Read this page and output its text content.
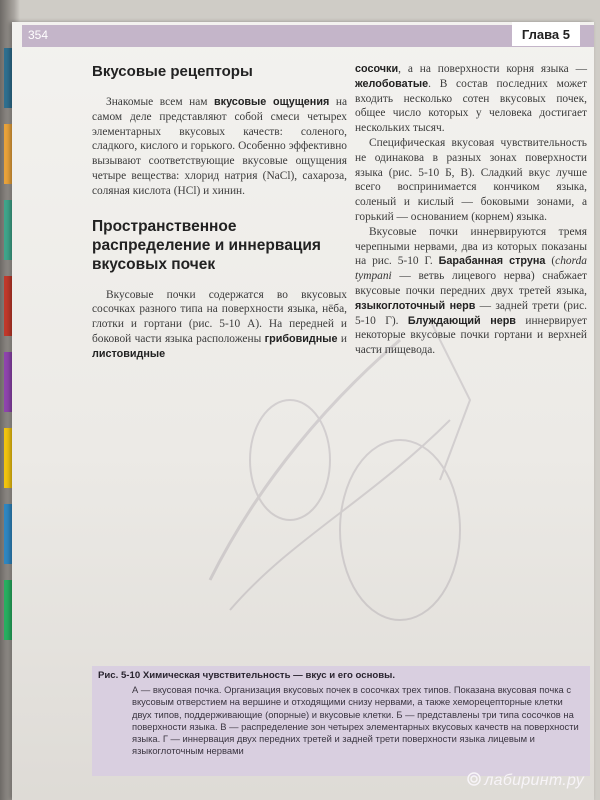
354	Глава 5
Вкусовые рецепторы

Знакомые всем нам вкусовые ощущения на самом деле представляют собой смеси четырех элементарных вкусовых качеств: соленого, сладкого, кислого и горького. Особенно эффективно вызывают соответствующие вкусовые ощущения четыре вещества: хлорид натрия (NaCl), сахароза, соляная кислота (HCl) и хинин.

Пространственное распределение и иннервация вкусовых почек

Вкусовые почки содержатся во вкусовых сосочках разного типа на поверхности языка, нёба, глотки и гортани (рис. 5-10 А). На передней и боковой части языка расположены грибовидные и листовидные

сосочки, а на поверхности корня языка — желобоватые. В состав последних может входить несколько сотен вкусовых почек, общее число которых у человека достигает нескольких тысяч.

Специфическая вкусовая чувствительность не одинакова в разных зонах поверхности языка (рис. 5-10 Б, В). Сладкий вкус лучше всего воспринимается кончиком языка, соленый и кислый — боковыми зонами, а горький — основанием (корнем) языка.

Вкусовые почки иннервируются тремя черепными нервами, два из которых показаны на рис. 5-10 Г. Барабанная струна (chorda tympani — ветвь лицевого нерва) снабжает вкусовые почки передних двух третей языка, языкоглоточный нерв — задней трети (рис. 5-10 Г). Блуждающий нерв иннервирует некоторые вкусовые почки гортани и верхней части пищевода.

Рис. 5-10 Химическая чувствительность — вкус и его основы.
А — вкусовая почка. Организация вкусовых почек в сосочках трех типов. Показана вкусовая почка с вкусовым отверстием на вершине и отходящими снизу нервами, а также хеморецепторные клетки двух типов, поддерживающие (опорные) и вкусовые клетки. Б — представлены три типа сосочков на поверхности языка. В — распределение зон четырех элементарных вкусовых качеств на поверхности языка. Г — иннервация двух передних третей и задней трети поверхности языка лицевым и языкоглоточным нервами
лабиринт.ру
